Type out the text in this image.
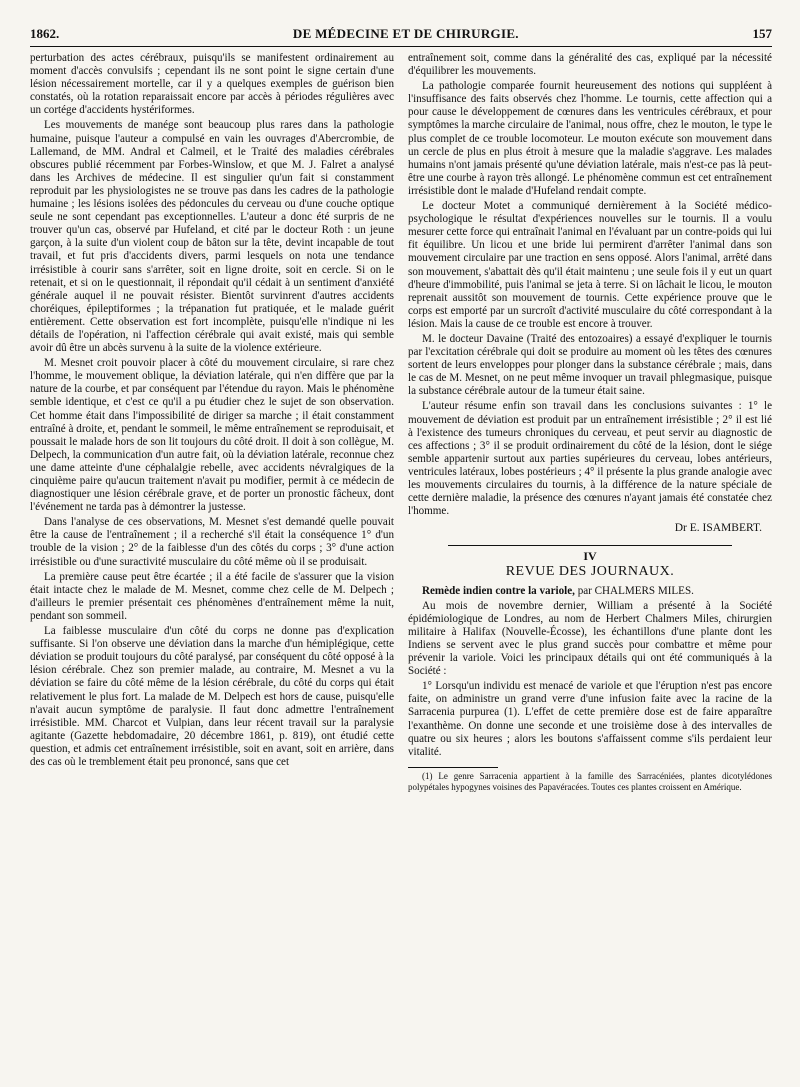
1862.	DE MÉDECINE ET DE CHIRURGIE.	157

perturbation des actes cérébraux, puisqu'ils se manifestent ordinairement au moment d'accès convulsifs ; cependant ils ne sont point le signe certain d'une lésion nécessairement mortelle, car il y a quelques exemples de guérison bien constatés, où la rotation reparaissait encore par accès à périodes régulières avec un cortége d'accidents hystériformes.

Les mouvements de manége sont beaucoup plus rares dans la pathologie humaine, puisque l'auteur a compulsé en vain les ouvrages d'Abercrombie, de Lallemand, de MM. Andral et Calmeil, et le Traité des maladies cérébrales obscures publié récemment par Forbes-Winslow, et que M. J. Falret a analysé dans les Archives de médecine. Il est singulier qu'un fait si constamment reproduit par les physiologistes ne se trouve pas dans les cadres de la pathologie humaine ; les lésions isolées des pédoncules du cerveau ou d'une couche optique seule ne sont cependant pas exceptionnelles. L'auteur a donc été surpris de ne trouver qu'un cas, observé par Hufeland, et cité par le docteur Roth : un jeune garçon, à la suite d'un violent coup de bâton sur la tête, devint incapable de tout travail, et fut pris d'accidents divers, parmi lesquels on nota une tendance irrésistible à courir sans s'arrêter, soit en ligne droite, soit en cercle. Si on le retenait, et si on le questionnait, il répondait qu'il cédait à un sentiment d'anxiété générale auquel il ne pouvait résister. Bientôt survinrent d'autres accidents choréiques, épileptiformes ; la trépanation fut pratiquée, et le malade guérit entièrement. Cette observation est fort incomplète, puisqu'elle n'indique ni les détails de l'opération, ni l'affection cérébrale qui avait existé, mais qui semble avoir dû être un abcès survenu à la suite de la violence extérieure.

M. Mesnet croit pouvoir placer à côté du mouvement circulaire, si rare chez l'homme, le mouvement oblique, la déviation latérale, qui n'en diffère que par la nature de la courbe, et par conséquent par l'étendue du rayon. Mais le phénomène semble identique, et c'est ce qu'il a pu étudier chez le sujet de son observation. Cet homme était dans l'impossibilité de diriger sa marche ; il était constamment entraîné à droite, et, pendant le sommeil, le même entraînement se reproduisait, et poussait le malade hors de son lit toujours du côté droit. Il doit à son collègue, M. Delpech, la communication d'un autre fait, où la déviation latérale, reconnue chez une dame atteinte d'une céphalalgie rebelle, avec accidents névralgiques de la cinquième paire qu'aucun traitement n'avait pu modifier, permit à ce médecin de diagnostiquer une lésion cérébrale grave, et de porter un pronostic fâcheux, dont l'événement ne tarda pas à démontrer la justesse.

Dans l'analyse de ces observations, M. Mesnet s'est demandé quelle pouvait être la cause de l'entraînement ; il a recherché s'il était la conséquence 1° d'un trouble de la vision ; 2° de la faiblesse d'un des côtés du corps ; 3° d'une action irrésistible ou d'une suractivité musculaire du côté même où il se produisait.

La première cause peut être écartée ; il a été facile de s'assurer que la vision était intacte chez le malade de M. Mesnet, comme chez celle de M. Delpech ; d'ailleurs le premier présentait ces phénomènes d'entraînement même la nuit, pendant son sommeil.

La faiblesse musculaire d'un côté du corps ne donne pas d'explication suffisante. Si l'on observe une déviation dans la marche d'un hémiplégique, cette déviation se produit toujours du côté paralysé, par conséquent du côté opposé à la lésion cérébrale. Chez son premier malade, au contraire, M. Mesnet a vu la déviation se faire du côté même de la lésion cérébrale, du côté du corps qui était relativement le plus fort. La malade de M. Delpech est hors de cause, puisqu'elle n'avait aucun symptôme de paralysie. Il faut donc admettre l'entraînement irrésistible. MM. Charcot et Vulpian, dans leur récent travail sur la paralysie agitante (Gazette hebdomadaire, 20 décembre 1861, p. 819), ont étudié cette question, et admis cet entraînement irrésistible, soit en avant, soit en arrière, dans des cas où le tremblement était peu prononcé, sans que cet

entraînement soit, comme dans la généralité des cas, expliqué par la nécessité d'équilibrer les mouvements.

La pathologie comparée fournit heureusement des notions qui suppléent à l'insuffisance des faits observés chez l'homme. Le tournis, cette affection qui a pour cause le développement de cœnures dans les ventricules cérébraux, et pour symptômes la marche circulaire de l'animal, nous offre, chez le mouton, le type le plus complet de ce trouble locomoteur. Le mouton exécute son mouvement dans un cercle de plus en plus étroit à mesure que la maladie s'aggrave. Les malades humains n'ont jamais présenté qu'une déviation latérale, mais n'est-ce pas là peut-être une courbe à rayon très allongé. Le phénomène commun est cet entraînement irrésistible dont le malade d'Hufeland rendait compte.

Le docteur Motet a communiqué dernièrement à la Société médico-psychologique le résultat d'expériences nouvelles sur le tournis. Il a voulu mesurer cette force qui entraînait l'animal en l'évaluant par un contre-poids qui lui fit équilibre. Un licou et une bride lui permirent d'arrêter l'animal dans son mouvement circulaire par une traction en sens opposé. Alors l'animal, arrêté dans son mouvement, s'abattait dès qu'il était maintenu ; une seule fois il y eut un quart d'heure d'immobilité, puis l'animal se jeta à terre. Si on lâchait le licou, le mouton reprenait aussitôt son mouvement de tournis. Cette expérience prouve que le corps est emporté par un surcroît d'activité musculaire du côté correspondant à la lésion. Mais la cause de ce trouble est encore à trouver.

M. le docteur Davaine (Traité des entozoaires) a essayé d'expliquer le tournis par l'excitation cérébrale qui doit se produire au moment où les têtes des cœnures sortent de leurs enveloppes pour plonger dans la substance cérébrale ; mais, dans le cas de M. Mesnet, on ne peut même invoquer un travail phlegmasique, puisque la substance cérébrale autour de la tumeur était saine.

L'auteur résume enfin son travail dans les conclusions suivantes : 1° le mouvement de déviation est produit par un entraînement irrésistible ; 2° il est lié à l'existence des tumeurs chroniques du cerveau, et peut servir au diagnostic de ces affections ; 3° il se produit ordinairement du côté de la lésion, dont le siége semble appartenir surtout aux parties supérieures du cerveau, lobes antérieurs, ventricules latéraux, lobes postérieurs ; 4° il présente la plus grande analogie avec les mouvements circulaires du tournis, à la différence de la nature spéciale de cette dernière maladie, la présence des cœnures n'ayant jamais été constatée chez l'homme.

Dr E. ISAMBERT.
IV
REVUE DES JOURNAUX.

Remède indien contre la variole, par CHALMERS MILES.

Au mois de novembre dernier, William a présenté à la Société épidémiologique de Londres, au nom de Herbert Chalmers Miles, chirurgien militaire à Halifax (Nouvelle-Écosse), les échantillons d'une plante dont les Indiens se servent avec le plus grand succès pour combattre et même pour prévenir la variole. Voici les principaux détails qui ont été communiqués à la Société :

1° Lorsqu'un individu est menacé de variole et que l'éruption n'est pas encore faite, on administre un grand verre d'une infusion faite avec la racine de la Sarracenia purpurea (1). L'effet de cette première dose est de faire apparaître l'exanthème. On donne une seconde et une troisième dose à des intervalles de quatre ou six heures ; alors les boutons s'affaissent comme s'ils perdaient leur vitalité.

(1) Le genre Sarracenia appartient à la famille des Sarracéniées, plantes dicotylédones polypétales hypogynes voisines des Papavéracées. Toutes ces plantes croissent en Amérique.
